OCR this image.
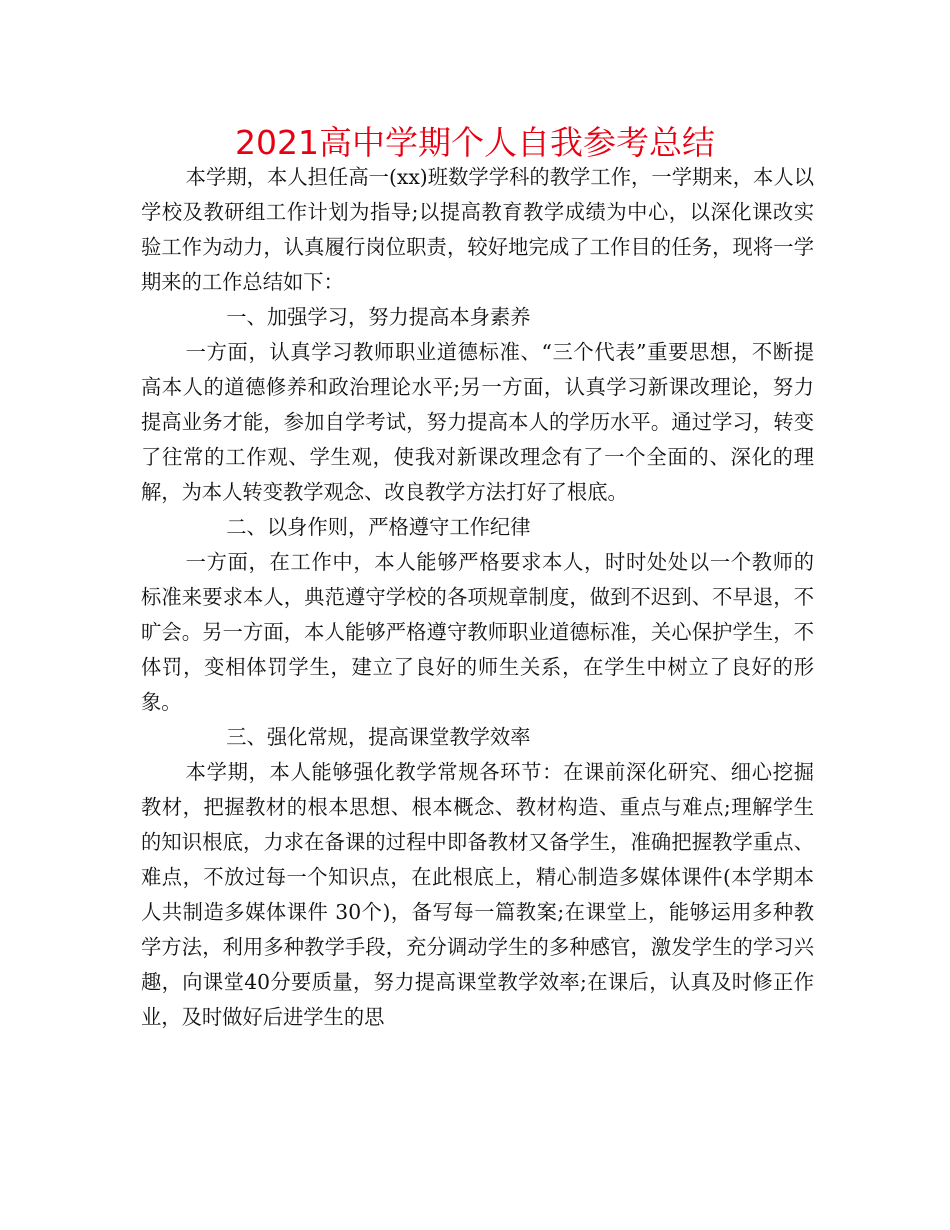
2021高中学期个人自我参考总结

本学期，本人担任高一(xx)班数学学科的教学工作，一学期来，本人以学校及教研组工作计划为指导;以提高教育教学成绩为中心，以深化课改实验工作为动力，认真履行岗位职责，较好地完成了工作目的任务，现将一学期来的工作总结如下：

一、加强学习，努力提高本身素养

一方面，认真学习教师职业道德标准、“三个代表”重要思想，不断提高本人的道德修养和政治理论水平;另一方面，认真学习新课改理论，努力提高业务才能，参加自学考试，努力提高本人的学历水平。通过学习，转变了往常的工作观、学生观，使我对新课改理念有了一个全面的、深化的理解，为本人转变教学观念、改良教学方法打好了根底。

二、以身作则，严格遵守工作纪律

一方面，在工作中，本人能够严格要求本人，时时处处以一个教师的标准来要求本人，典范遵守学校的各项规章制度，做到不迟到、不早退，不旷会。另一方面，本人能够严格遵守教师职业道德标准，关心保护学生，不体罚，变相体罚学生，建立了良好的师生关系，在学生中树立了良好的形象。

三、强化常规，提高课堂教学效率

本学期，本人能够强化教学常规各环节：在课前深化研究、细心挖掘教材，把握教材的根本思想、根本概念、教材构造、重点与难点;理解学生的知识根底，力求在备课的过程中即备教材又备学生，准确把握教学重点、难点，不放过每一个知识点，在此根底上，精心制造多媒体课件(本学期本人共制造多媒体课件 30个)，备写每一篇教案;在课堂上，能够运用多种教学方法，利用多种教学手段，充分调动学生的多种感官，激发学生的学习兴趣，向课堂40分要质量，努力提高课堂教学效率;在课后，认真及时修正作业，及时做好后进学生的思
